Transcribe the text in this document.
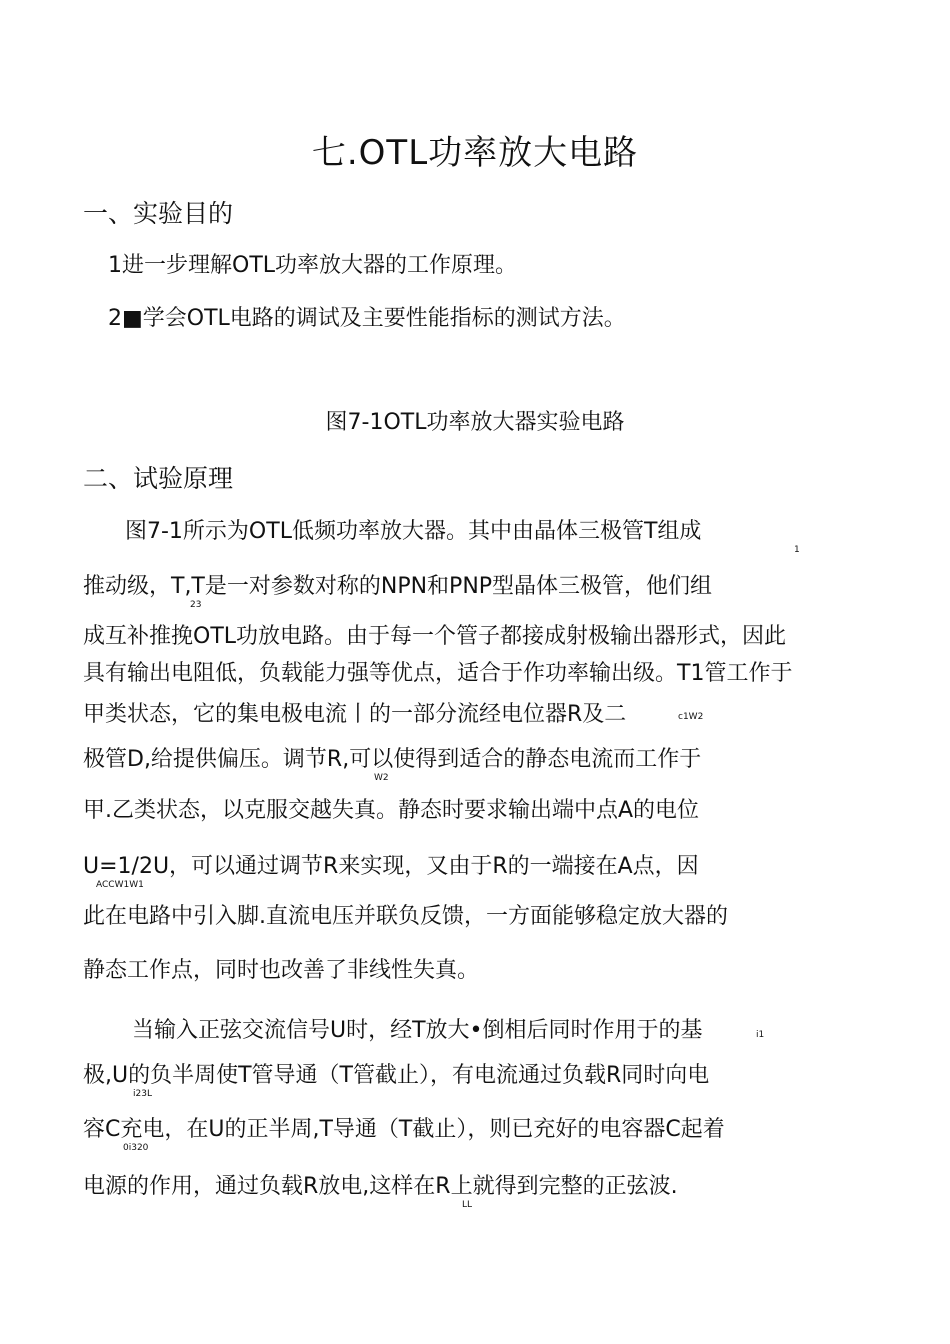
七.OTL功率放大电路
一、实验目的
1进一步理解OTL功率放大器的工作原理。
2■学会OTL电路的调试及主要性能指标的测试方法。
图7-1OTL功率放大器实验电路
二、试验原理
图7-1所示为OTL低频功率放大器。其中由晶体三极管T组成
1
推动级，T,T是一对参数对称的NPN和PNP型晶体三极管，他们组
23
成互补推挽OTL功放电路。由于每一个管子都接成射极输出器形式，因此
具有输出电阻低，负载能力强等优点，适合于作功率输出级。T1管工作于
甲类状态，它的集电极电流丨的一部分流经电位器R及二	c1W2
极管D,给提供偏压。调节R,可以使得到适合的静态电流而工作于
W2
甲.乙类状态，以克服交越失真。静态时要求输出端中点A的电位
U=1/2U，可以通过调节R来实现，又由于R的一端接在A点，因
ACCW1W1
此在电路中引入脚.直流电压并联负反馈，一方面能够稳定放大器的
静态工作点，同时也改善了非线性失真。
当输入正弦交流信号U时，经T放大•倒相后同时作用于的基	i1
极,U的负半周使T管导通（T管截止），有电流通过负载R同时向电
i23L
容C充电，在U的正半周,T导通（T截止），则已充好的电容器C起着
0i320
电源的作用，通过负载R放电,这样在R上就得到完整的正弦波.
LL
